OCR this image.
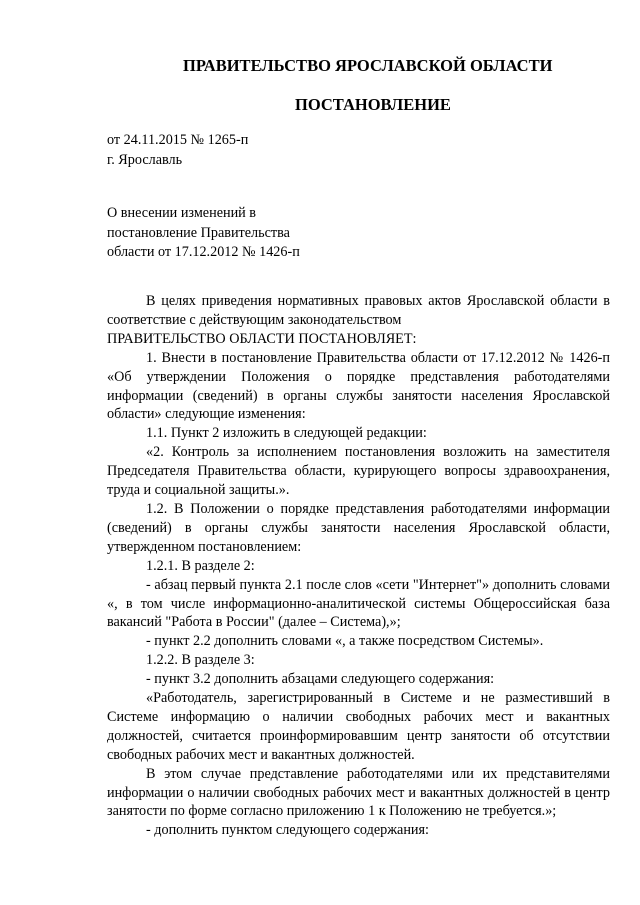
ПРАВИТЕЛЬСТВО ЯРОСЛАВСКОЙ ОБЛАСТИ
ПОСТАНОВЛЕНИЕ
от 24.11.2015 № 1265-п
г. Ярославль
О внесении изменений в
постановление Правительства
области от 17.12.2012 № 1426-п

В целях приведения нормативных правовых актов Ярославской области в соответствие с действующим законодательством

ПРАВИТЕЛЬСТВО ОБЛАСТИ ПОСТАНОВЛЯЕТ:

1. Внести в постановление Правительства области от 17.12.2012 № 1426-п «Об утверждении Положения о порядке представления работодателями информации (сведений) в органы службы занятости населения Ярославской области» следующие изменения:

1.1. Пункт 2 изложить в следующей редакции:

«2. Контроль за исполнением постановления возложить на заместителя Председателя Правительства области, курирующего вопросы здравоохранения, труда и социальной защиты.».

1.2. В Положении о порядке представления работодателями информации (сведений) в органы службы занятости населения Ярославской области, утвержденном постановлением:

1.2.1. В разделе 2:

- абзац первый пункта 2.1 после слов «сети "Интернет"» дополнить словами «, в том числе информационно-аналитической системы Общероссийская база вакансий "Работа в России" (далее – Система),»;

- пункт 2.2 дополнить словами «, а также посредством Системы».

1.2.2. В разделе 3:

- пункт 3.2 дополнить абзацами следующего содержания:

«Работодатель, зарегистрированный в Системе и не разместивший в Системе информацию о наличии свободных рабочих мест и вакантных должностей, считается проинформировавшим центр занятости об отсутствии свободных рабочих мест и вакантных должностей.

В этом случае представление работодателями или их представителями информации о наличии свободных рабочих мест и вакантных должностей в центр занятости по форме согласно приложению 1 к Положению не требуется.»;

- дополнить пунктом следующего содержания:
